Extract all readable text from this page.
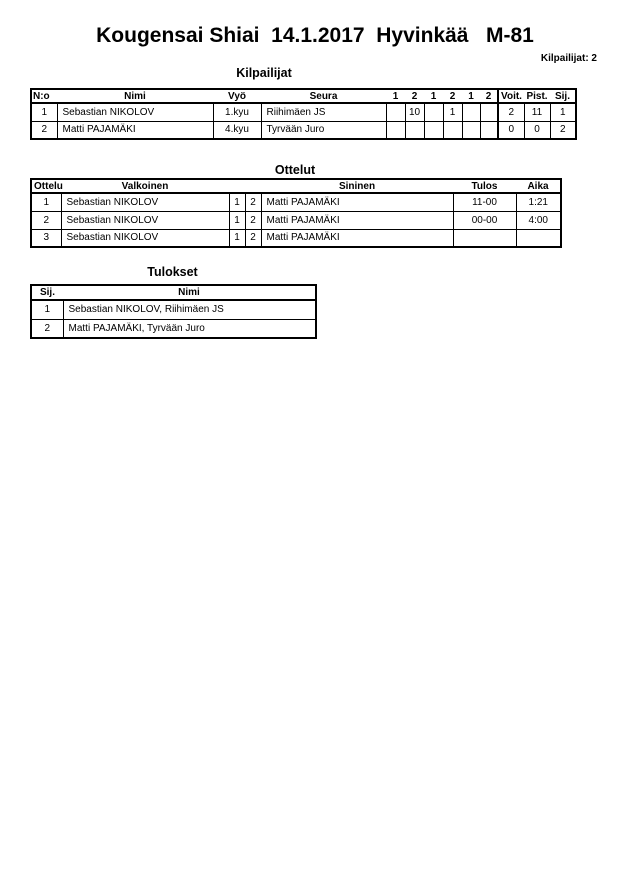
Kougensai Shiai  14.1.2017  Hyvinkää   M-81
Kilpailijat: 2
Kilpailijat
N:o	Nimi	Vyö	Seura	1	2	1	2	1	2	Voit.	Pist.	Sij.
1	Sebastian NIKOLOV	1.kyu	Riihimäen JS		10		1			2	11	1
2	Matti PAJAMÄKI	4.kyu	Tyrvään Juro							0	0	2
Ottelut
Ottelu	Valkoinen			Sininen	Tulos	Aika
1	Sebastian NIKOLOV	1	2	Matti PAJAMÄKI	11-00	1:21
2	Sebastian NIKOLOV	1	2	Matti PAJAMÄKI	00-00	4:00
3	Sebastian NIKOLOV	1	2	Matti PAJAMÄKI		
Tulokset
Sij.	Nimi
1	Sebastian NIKOLOV, Riihimäen JS
2	Matti PAJAMÄKI, Tyrvään Juro
